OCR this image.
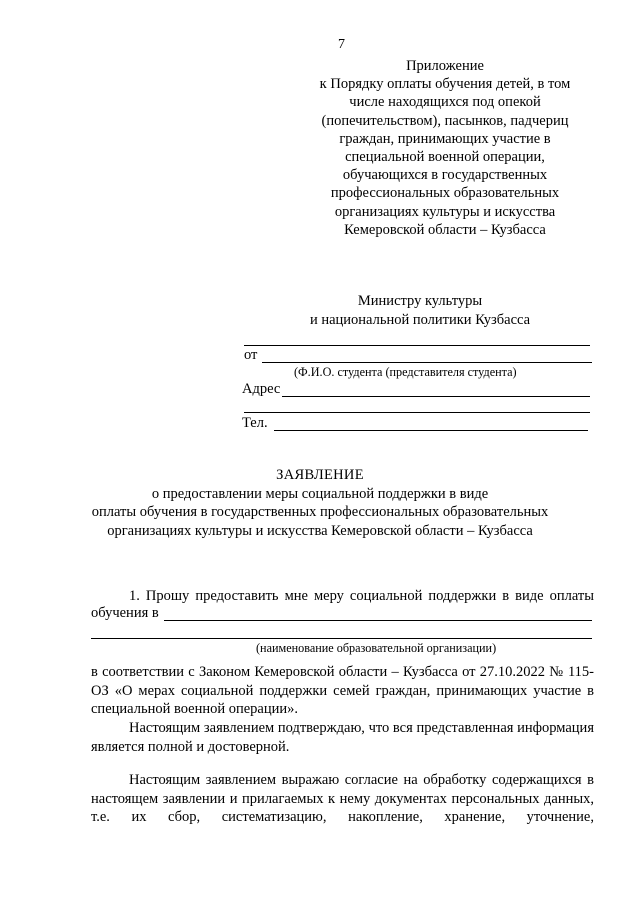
7
Приложение
к Порядку оплаты обучения детей, в том
числе находящихся под опекой
(попечительством), пасынков, падчериц
граждан, принимающих участие в
специальной военной операции,
обучающихся в государственных
профессиональных образовательных
организациях культуры и искусства
Кемеровской области – Кузбасса
Министру культуры
и национальной политики Кузбасса
от
(Ф.И.О. студента (представителя студента)
Адрес
Тел.
ЗАЯВЛЕНИЕ
о предоставлении меры социальной поддержки в виде
оплаты обучения в государственных профессиональных образовательных
организациях культуры и искусства Кемеровской области – Кузбасса
1. Прошу предоставить мне меру социальной поддержки в виде оплаты
обучения в
(наименование образовательной организации)

в соответствии с Законом Кемеровской области – Кузбасса от 27.10.2022 № 115-ОЗ «О мерах социальной поддержки семей граждан, принимающих участие в специальной военной операции».

Настоящим заявлением подтверждаю, что вся представленная информация является полной и достоверной.

Настоящим заявлением выражаю согласие на обработку содержащихся в настоящем заявлении и прилагаемых к нему документах персональных данных, т.е. их сбор, систематизацию, накопление, хранение, уточнение,
